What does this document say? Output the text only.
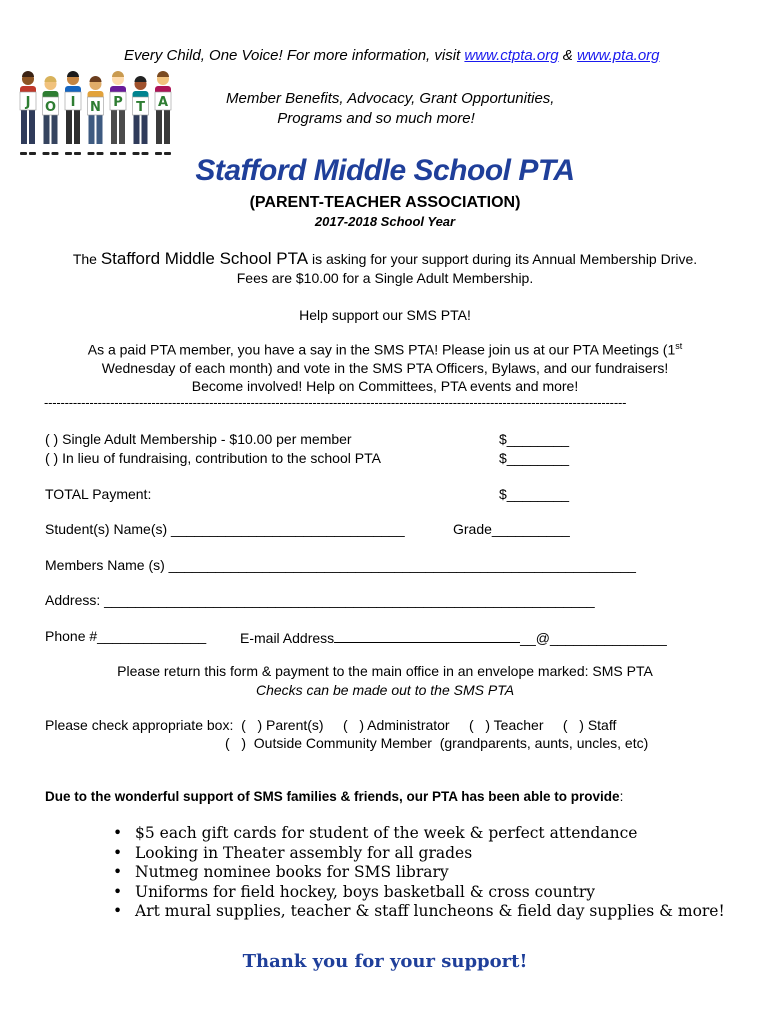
Every Child, One Voice! For more information, visit www.ctpta.org & www.pta.org
J O I N P T A	Member Benefits, Advocacy, Grant Opportunities,
Programs and so much more!
Stafford Middle School PTA
(PARENT-TEACHER ASSOCIATION)
2017-2018 School Year
The Stafford Middle School PTA is asking for your support during its Annual Membership Drive.
Fees are $10.00 for a Single Adult Membership.
Help support our SMS PTA!
As a paid PTA member, you have a say in the SMS PTA! Please join us at our PTA Meetings (1st
Wednesday of each month) and vote in the SMS PTA Officers, Bylaws, and our fundraisers!
Become involved! Help on Committees, PTA events and more!
---------------------------------------------------------------------------------------------------------------------------------------------
( ) Single Adult Membership - $10.00 per member	$________
( ) In lieu of fundraising, contribution to the school PTA	$________
TOTAL Payment:	$________
Student(s) Name(s) ______________________________	Grade__________
Members Name (s) ____________________________________________________________
Address: _______________________________________________________________
Phone #______________ E-mail Address	__@_______________
Please return this form & payment to the main office in an envelope marked: SMS PTA
Checks can be made out to the SMS PTA
Please check appropriate box:  (   ) Parent(s)     (   ) Administrator     (   ) Teacher     (   ) Staff
(   )  Outside Community Member  (grandparents, aunts, uncles, etc)
Due to the wonderful support of SMS families & friends, our PTA has been able to provide:
• $5 each gift cards for student of the week & perfect attendance
• Looking in Theater assembly for all grades
• Nutmeg nominee books for SMS library
• Uniforms for field hockey, boys basketball & cross country
• Art mural supplies, teacher & staff luncheons & field day supplies & more!
Thank you for your support!
